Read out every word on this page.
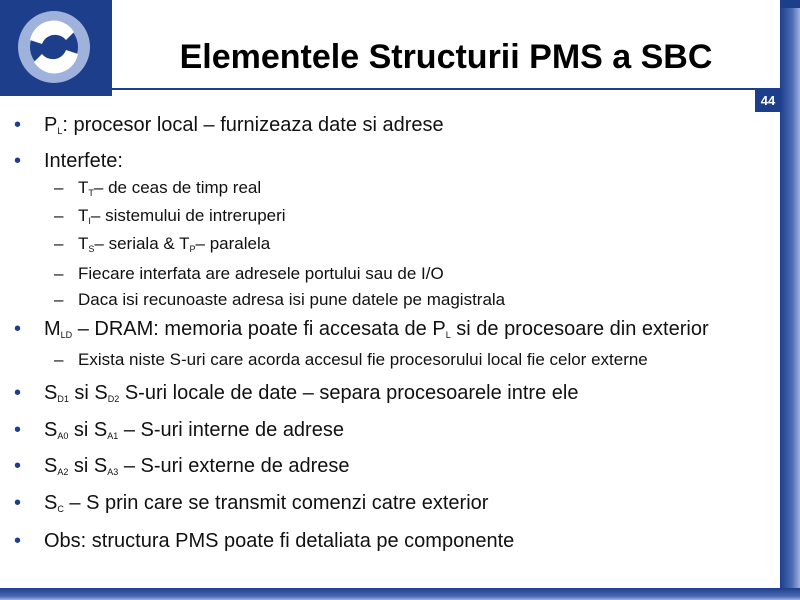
Elementele Structurii PMS a SBC
44
•	$P_L$: procesor local – furnizeaza date si adrese
•	Interfete:
– $T_T-$ de ceas de timp real
– $T_I-$ sistemului de intreruperi
– $T_S-$ seriala & $T_P-$ paralela
– Fiecare interfata are adresele portului sau de I/O
– Daca isi recunoaste adresa isi pune datele pe magistrala
•	$M_{LD}$ – DRAM: memoria poate fi accesata de $P_L$ si de procesoare din exterior
– Exista niste S-uri care acorda accesul fie procesorului local fie celor externe
•	$S_{D1}$ si $S_{D2}$ S-uri locale de date – separa procesoarele intre ele
•	$S_{A0}$ si $S_{A1} - S-uri$ interne de adrese
•	$S_{A2}$ si $S_{A3} - S-uri$ externe de adrese
•	$S_C$ – S prin care se transmit comenzi catre exterior
•	Obs: structura PMS poate fi detaliata pe componente
